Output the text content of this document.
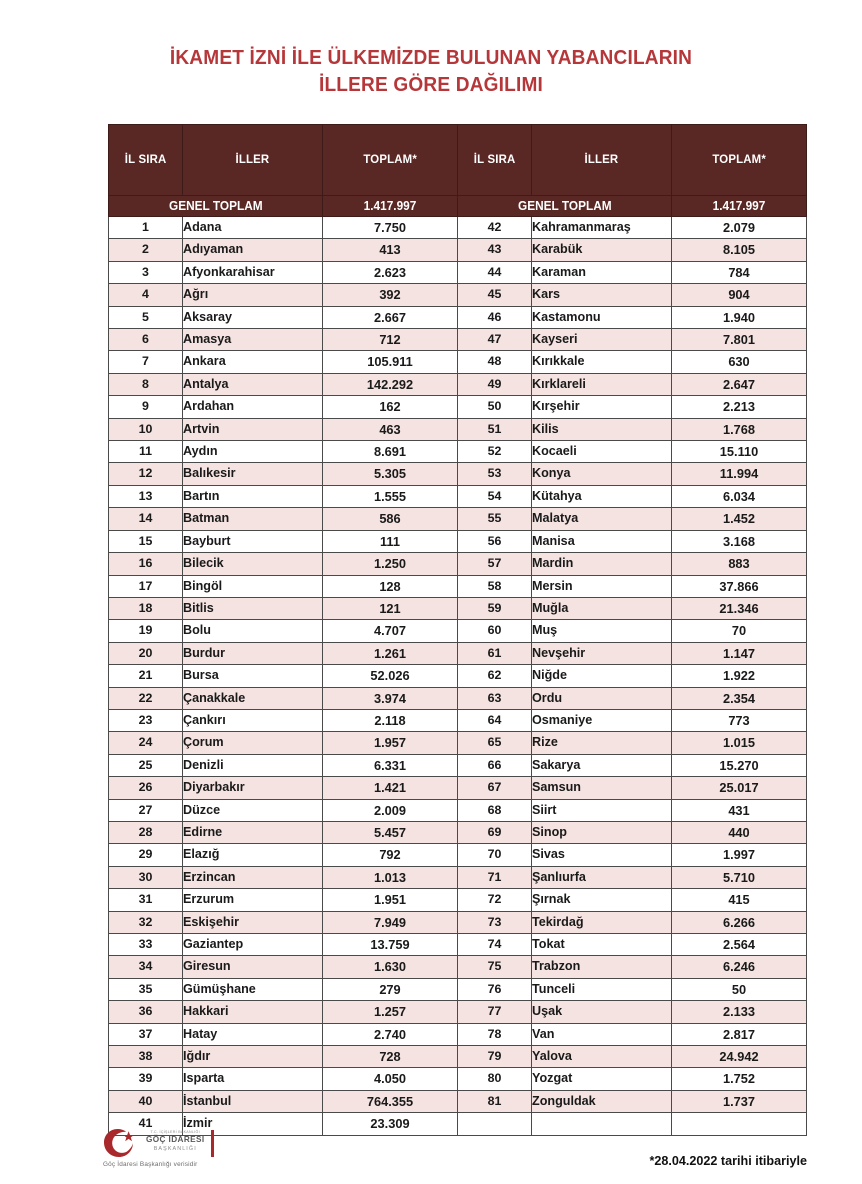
İKAMET İZNİ İLE ÜLKEMİZDE BULUNAN YABANCILARIN
İLLERE GÖRE DAĞILIMI
İL SIRA	İLLER	TOPLAM*	İL SIRA	İLLER	TOPLAM*
GENEL TOPLAM		1.417.997	GENEL TOPLAM		1.417.997
1	Adana	7.750	42	Kahramanmaraş	2.079
2	Adıyaman	413	43	Karabük	8.105
3	Afyonkarahisar	2.623	44	Karaman	784
4	Ağrı	392	45	Kars	904
5	Aksaray	2.667	46	Kastamonu	1.940
6	Amasya	712	47	Kayseri	7.801
7	Ankara	105.911	48	Kırıkkale	630
8	Antalya	142.292	49	Kırklareli	2.647
9	Ardahan	162	50	Kırşehir	2.213
10	Artvin	463	51	Kilis	1.768
11	Aydın	8.691	52	Kocaeli	15.110
12	Balıkesir	5.305	53	Konya	11.994
13	Bartın	1.555	54	Kütahya	6.034
14	Batman	586	55	Malatya	1.452
15	Bayburt	111	56	Manisa	3.168
16	Bilecik	1.250	57	Mardin	883
17	Bingöl	128	58	Mersin	37.866
18	Bitlis	121	59	Muğla	21.346
19	Bolu	4.707	60	Muş	70
20	Burdur	1.261	61	Nevşehir	1.147
21	Bursa	52.026	62	Niğde	1.922
22	Çanakkale	3.974	63	Ordu	2.354
23	Çankırı	2.118	64	Osmaniye	773
24	Çorum	1.957	65	Rize	1.015
25	Denizli	6.331	66	Sakarya	15.270
26	Diyarbakır	1.421	67	Samsun	25.017
27	Düzce	2.009	68	Siirt	431
28	Edirne	5.457	69	Sinop	440
29	Elazığ	792	70	Sivas	1.997
30	Erzincan	1.013	71	Şanlıurfa	5.710
31	Erzurum	1.951	72	Şırnak	415
32	Eskişehir	7.949	73	Tekirdağ	6.266
33	Gaziantep	13.759	74	Tokat	2.564
34	Giresun	1.630	75	Trabzon	6.246
35	Gümüşhane	279	76	Tunceli	50
36	Hakkari	1.257	77	Uşak	2.133
37	Hatay	2.740	78	Van	2.817
38	Iğdır	728	79	Yalova	24.942
39	Isparta	4.050	80	Yozgat	1.752
40	İstanbul	764.355	81	Zonguldak	1.737
41	İzmir	23.309			
T.C. İÇİŞLERİ BAKANLIĞI
GÖÇ İDARESİ
BAŞKANLIĞI
Göç İdaresi Başkanlığı verisidir	*28.04.2022 tarihi itibariyle
